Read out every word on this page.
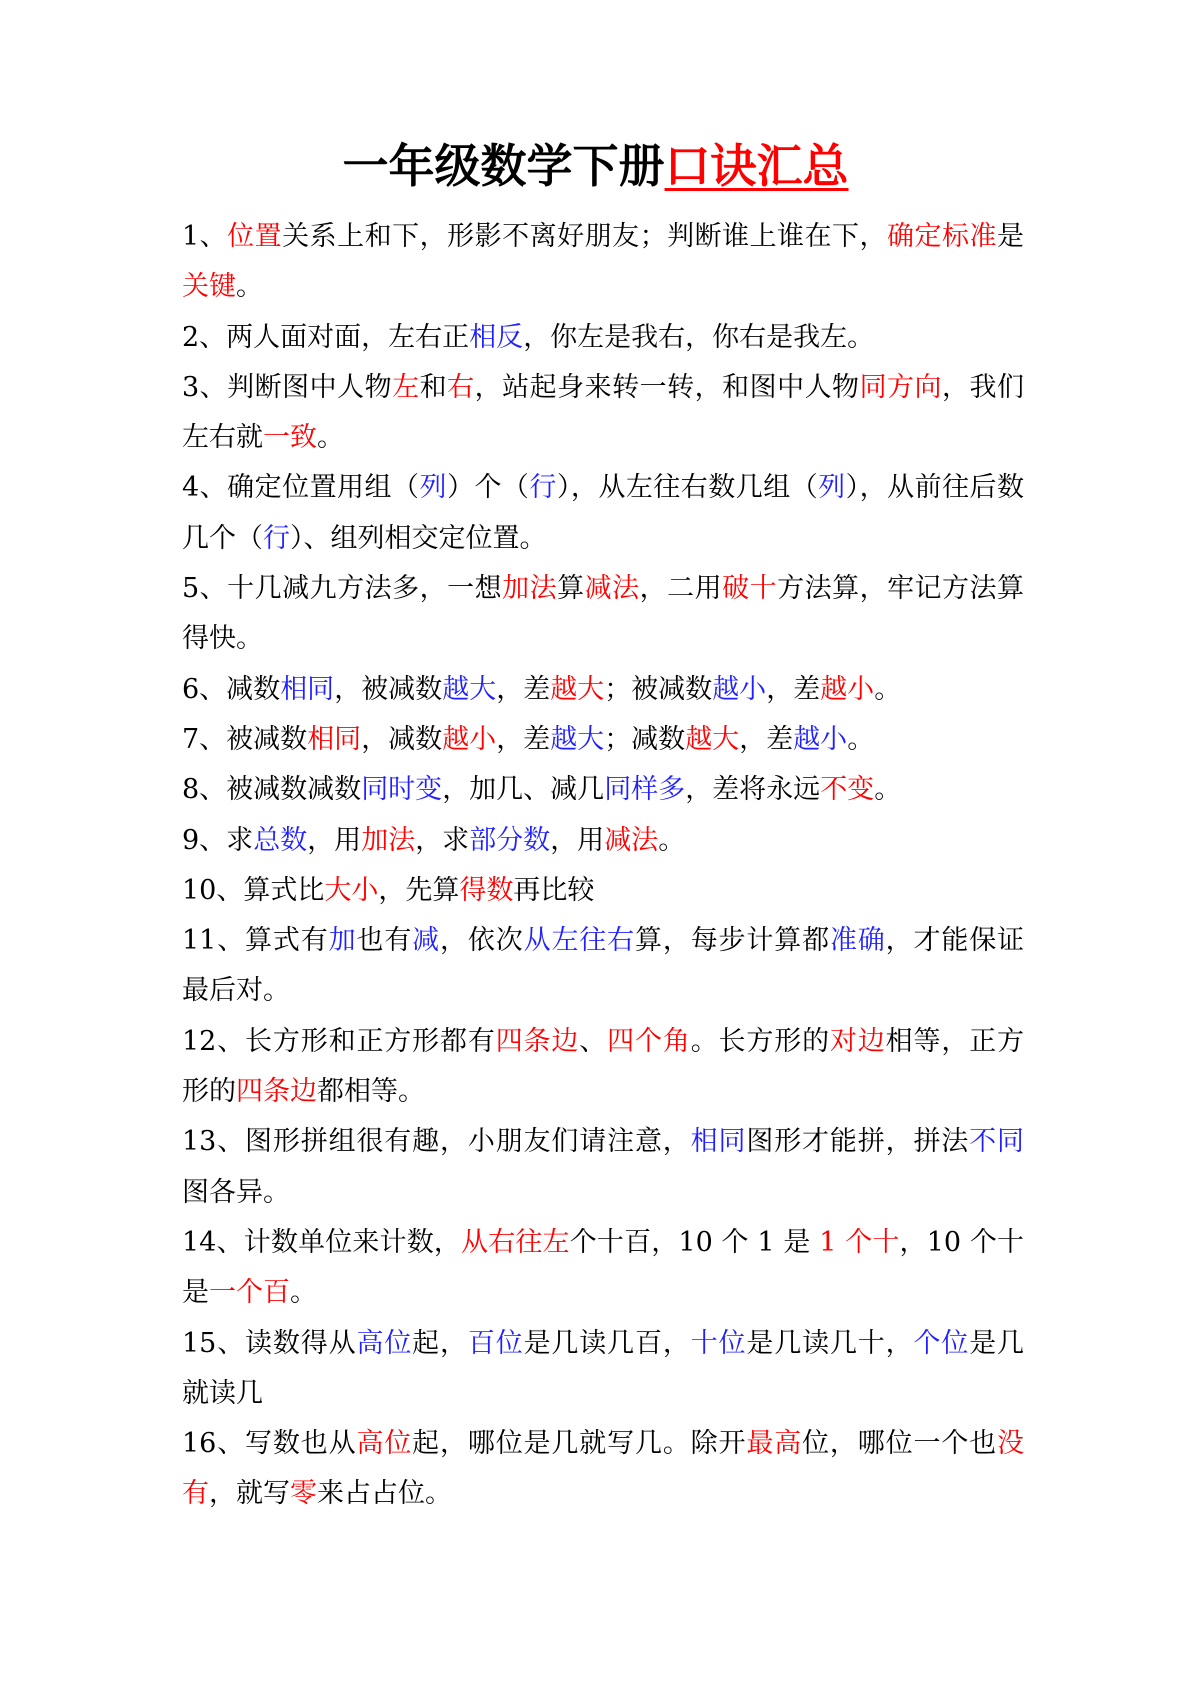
一年级数学下册口诀汇总

1、位置关系上和下，形影不离好朋友；判断谁上谁在下，确定标准是关键。

2、两人面对面，左右正相反，你左是我右，你右是我左。

3、判断图中人物左和右，站起身来转一转，和图中人物同方向，我们左右就一致。

4、确定位置用组（列）个（行），从左往右数几组（列），从前往后数几个（行）、组列相交定位置。

5、十几减九方法多，一想加法算减法，二用破十方法算，牢记方法算得快。

6、减数相同，被减数越大，差越大；被减数越小，差越小。

7、被减数相同，减数越小，差越大；减数越大，差越小。

8、被减数减数同时变，加几、减几同样多，差将永远不变。

9、求总数，用加法，求部分数，用减法。

10、算式比大小，先算得数再比较

11、算式有加也有减，依次从左往右算，每步计算都准确，才能保证最后对。

12、长方形和正方形都有四条边、四个角。长方形的对边相等，正方形的四条边都相等。

13、图形拼组很有趣，小朋友们请注意，相同图形才能拼，拼法不同图各异。

14、计数单位来计数，从右往左个十百，10 个 1 是 1 个十，10 个十是一个百。

15、读数得从高位起，百位是几读几百，十位是几读几十，个位是几就读几

16、写数也从高位起，哪位是几就写几。除开最高位，哪位一个也没有，就写零来占占位。
